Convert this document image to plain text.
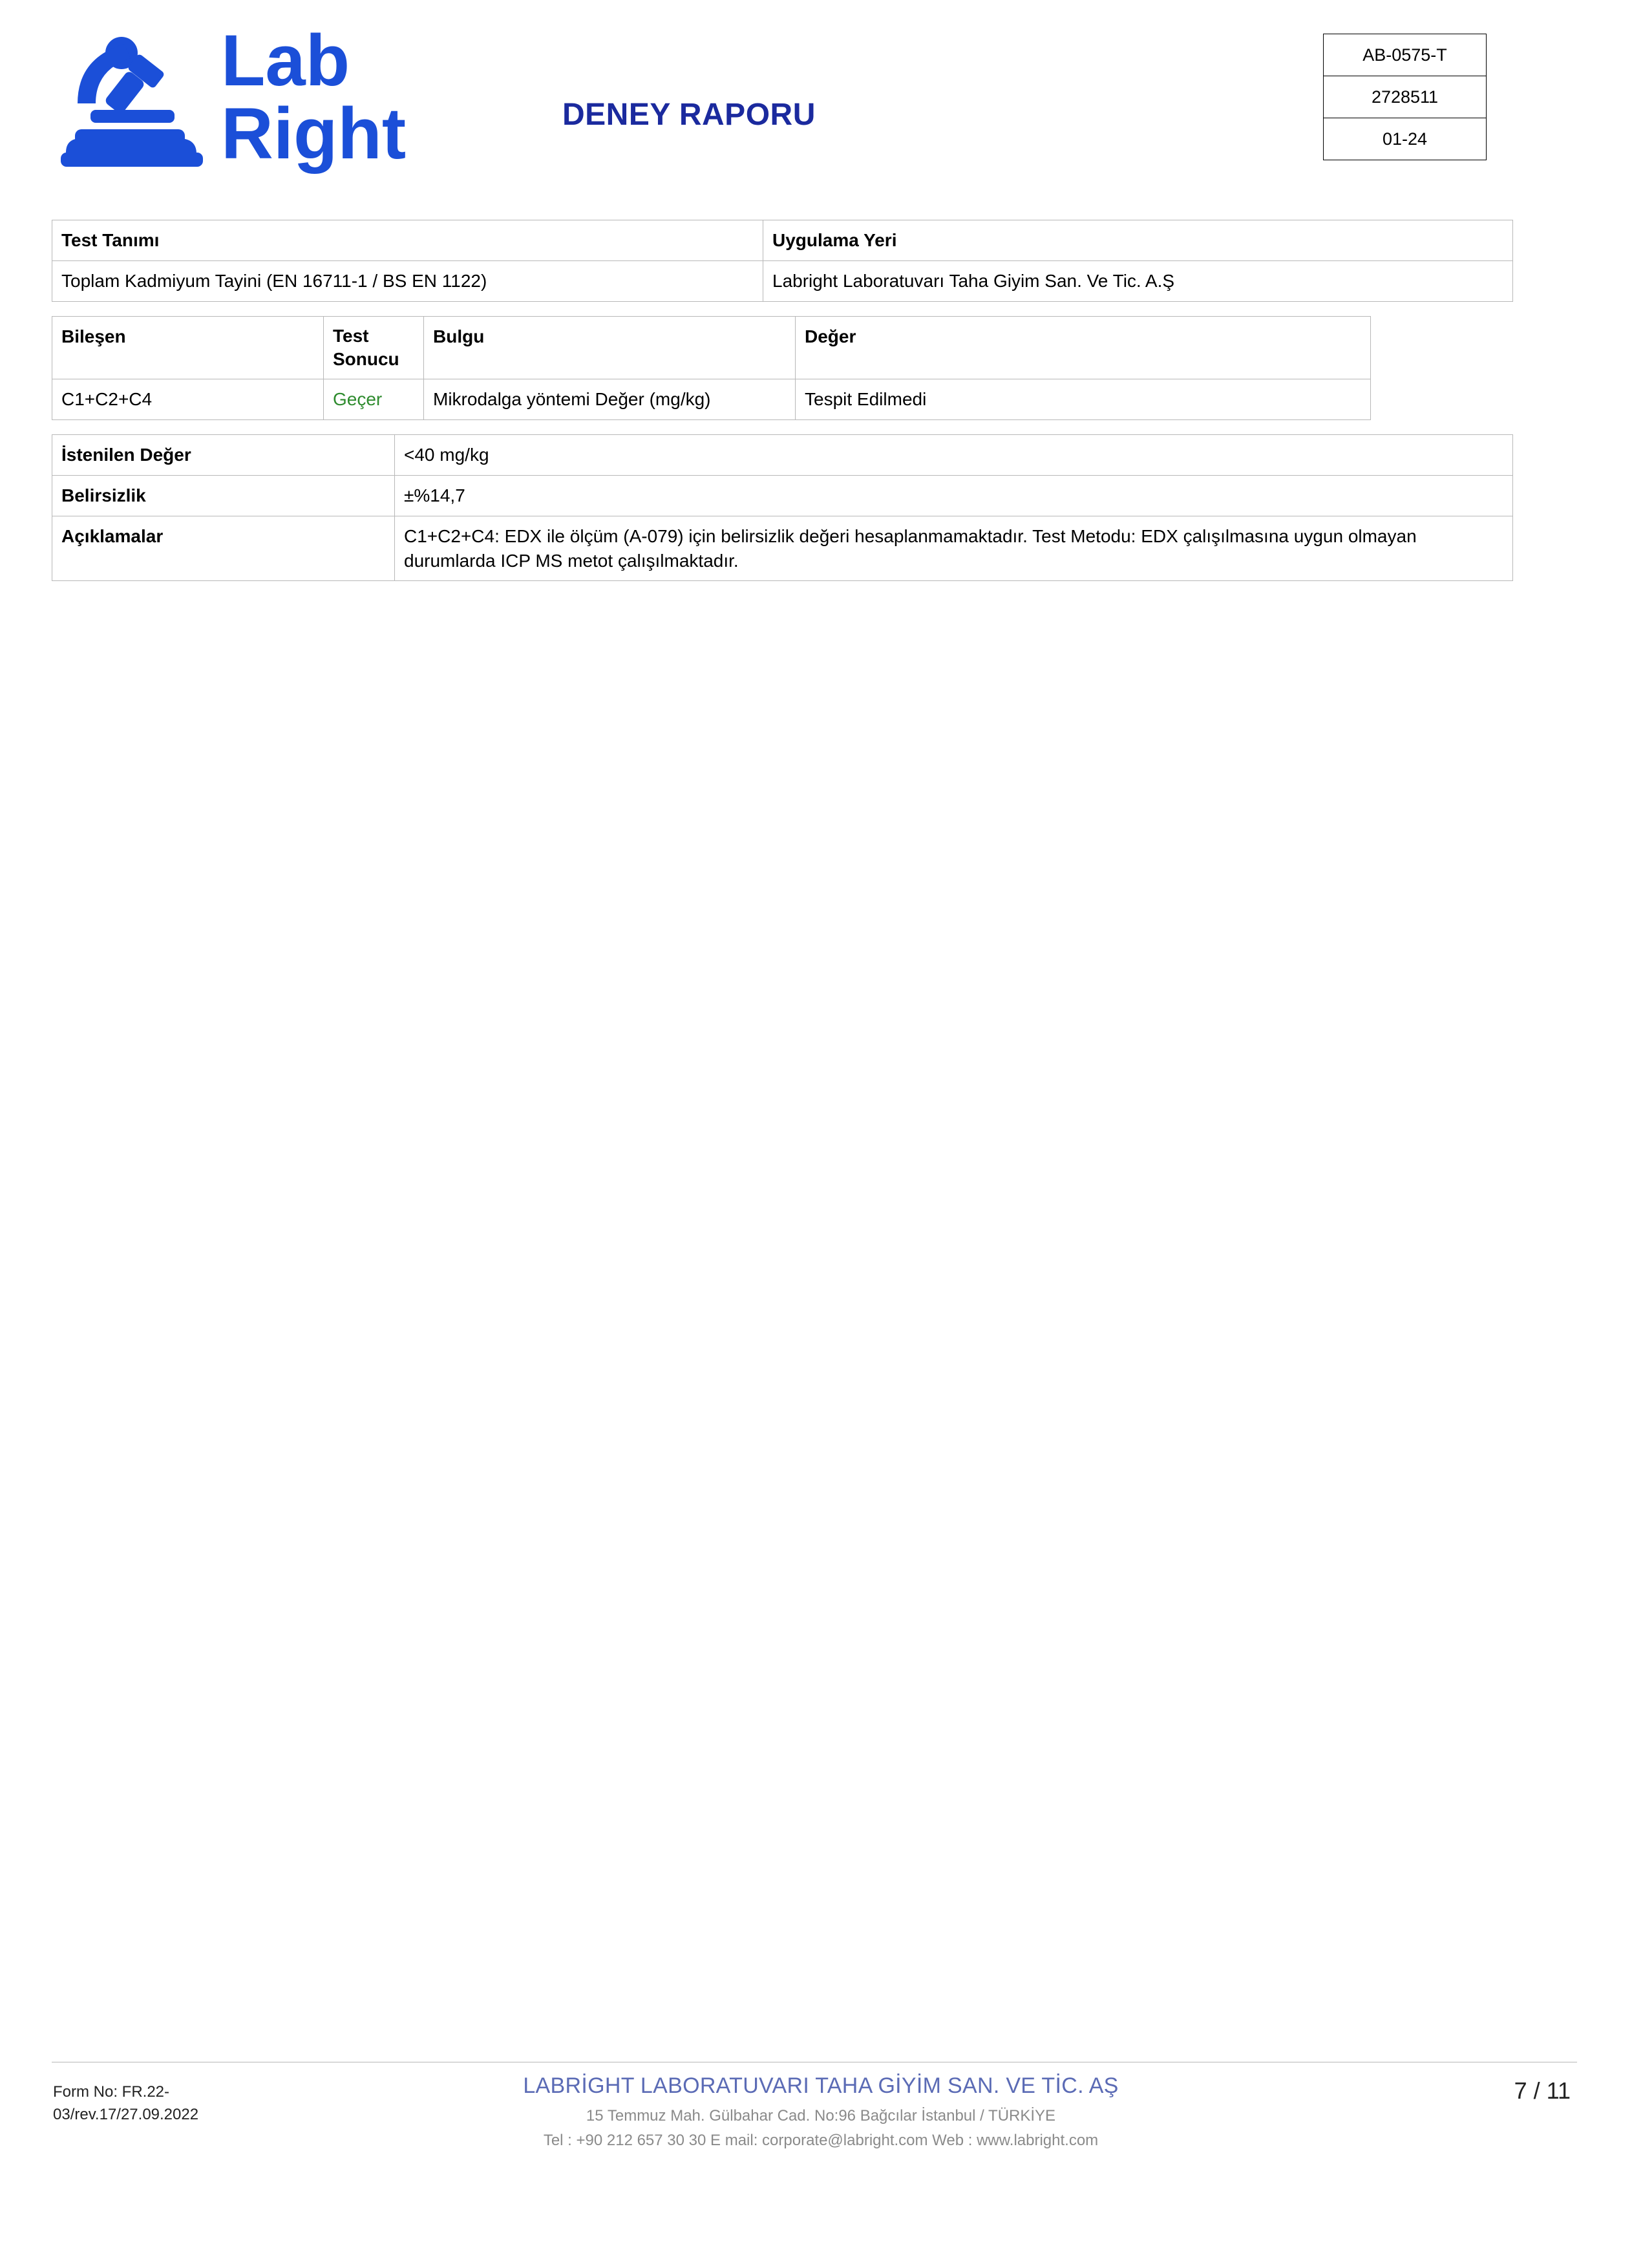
Lab
Right	DENEY RAPORU
AB-0575-T
2728511
01-24
Test Tanımı	Uygulama Yeri
Toplam Kadmiyum Tayini (EN 16711-1 / BS EN 1122)	Labright Laboratuvarı Taha Giyim San. Ve Tic. A.Ş
Bileşen	Test Sonucu	Bulgu	Değer
C1+C2+C4	Geçer	Mikrodalga yöntemi Değer (mg/kg)	Tespit Edilmedi
İstenilen Değer	<40 mg/kg
Belirsizlik	±%14,7
Açıklamalar	C1+C2+C4: EDX ile ölçüm (A-079) için belirsizlik değeri hesaplanmamaktadır. Test Metodu: EDX çalışılmasına uygun olmayan durumlarda ICP MS metot çalışılmaktadır.
Form No: FR.22-03/rev.17/27.09.2022
LABRİGHT LABORATUVARI TAHA GİYİM SAN. VE TİC. AŞ
15 Temmuz Mah. Gülbahar Cad. No:96 Bağcılar İstanbul / TÜRKİYE
Tel : +90 212 657 30 30 E mail: corporate@labright.com Web : www.labright.com
7 / 11
